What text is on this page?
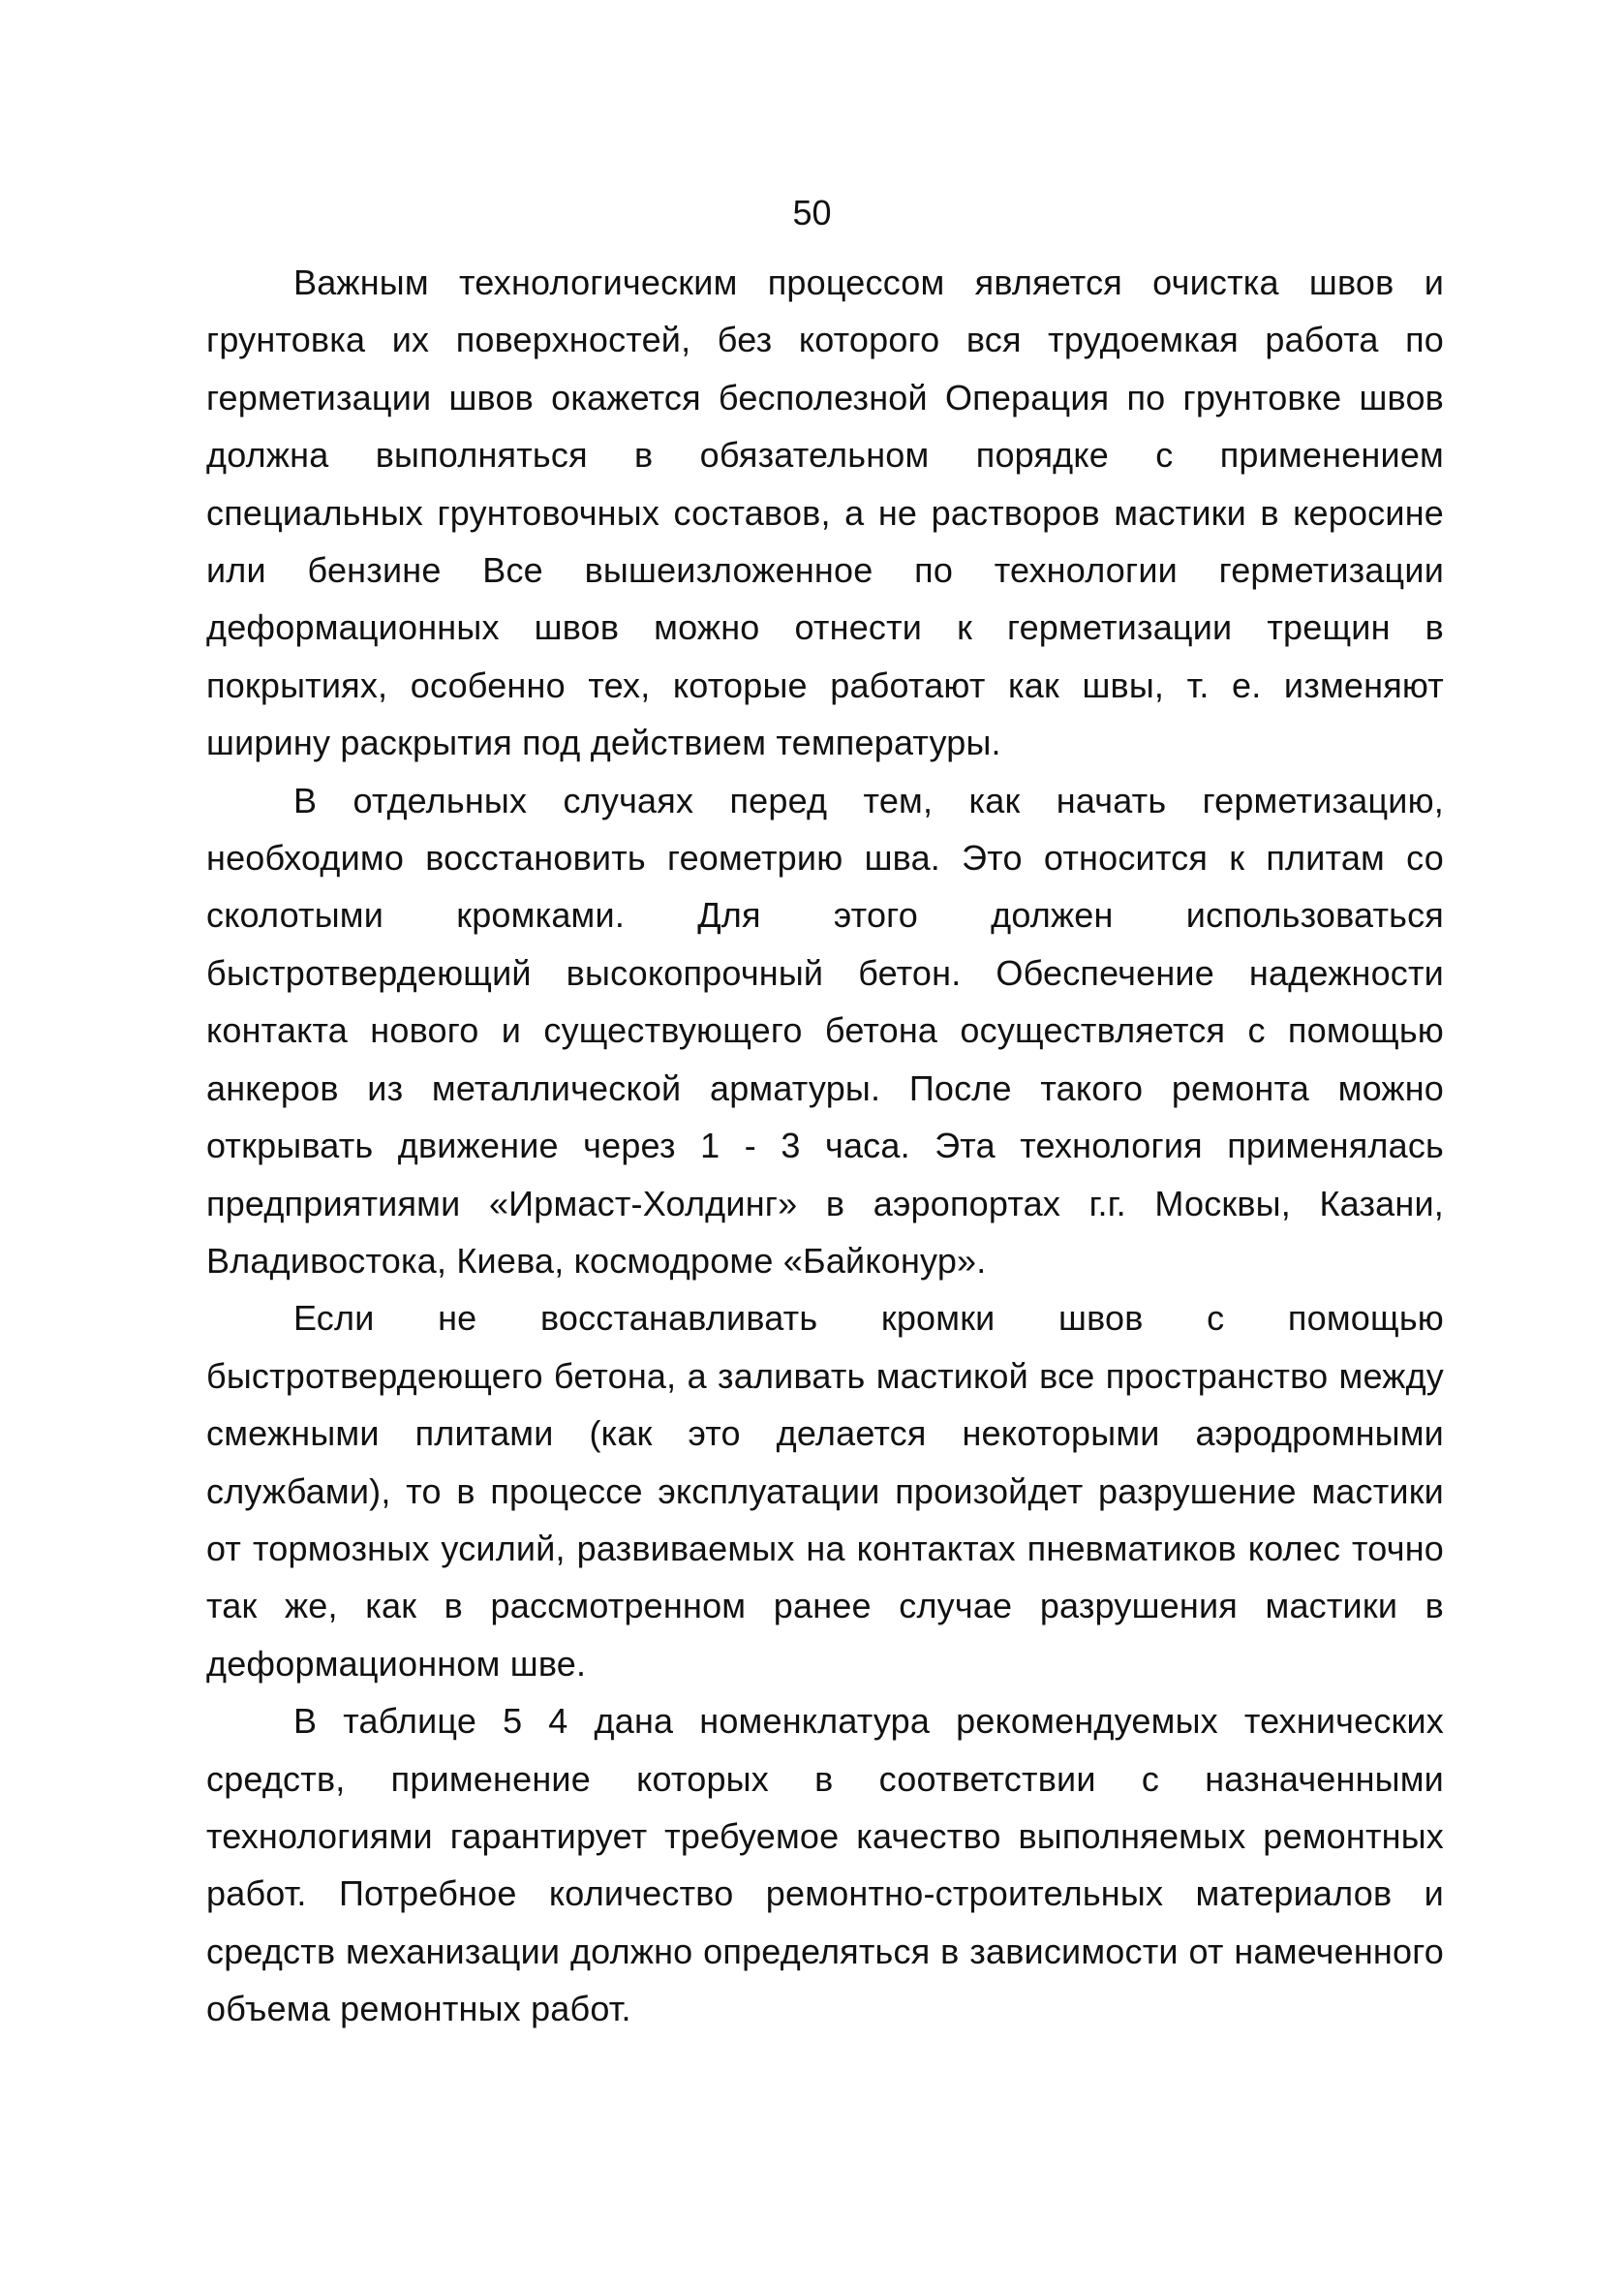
50

Важным технологическим процессом является очистка швов и грунтовка их поверхностей, без которого вся трудоемкая работа по герметизации швов окажется бесполезной Операция по грунтовке швов должна выполняться в обязательном порядке с применением специальных грунтовочных составов, а не растворов мастики в керосине или бензине Все вышеизложенное по технологии герметизации деформационных швов можно отнести к герметизации трещин в покрытиях, особенно тех, которые работают как швы, т. е. изменяют ширину раскрытия под действием температуры.

В отдельных случаях перед тем, как начать герметизацию, необходимо восстановить геометрию шва. Это относится к плитам со сколотыми кромками. Для этого должен использоваться быстротвердеющий высокопрочный бетон. Обеспечение надежности контакта нового и существующего бетона осуществляется с помощью анкеров из металлической арматуры. После такого ремонта можно открывать движение через 1 - 3 часа. Эта технология применялась предприятиями «Ирмаст-Холдинг» в аэропортах г.г. Москвы, Казани, Владивостока, Киева, космодроме «Байконур».

Если не восстанавливать кромки швов с помощью быстротвердеющего бетона, а заливать мастикой все пространство между смежными плитами (как это делается некоторыми аэродромными службами), то в процессе эксплуатации произойдет разрушение мастики от тормозных усилий, развиваемых на контактах пневматиков колес точно так же, как в рассмотренном ранее случае разрушения мастики в деформационном шве.

В таблице 5 4 дана номенклатура рекомендуемых технических средств, применение которых в соответствии с назначенными технологиями гарантирует требуемое качество выполняемых ремонтных работ. Потребное количество ремонтно-строительных материалов и средств механизации должно определяться в зависимости от намеченного объема ремонтных работ.
